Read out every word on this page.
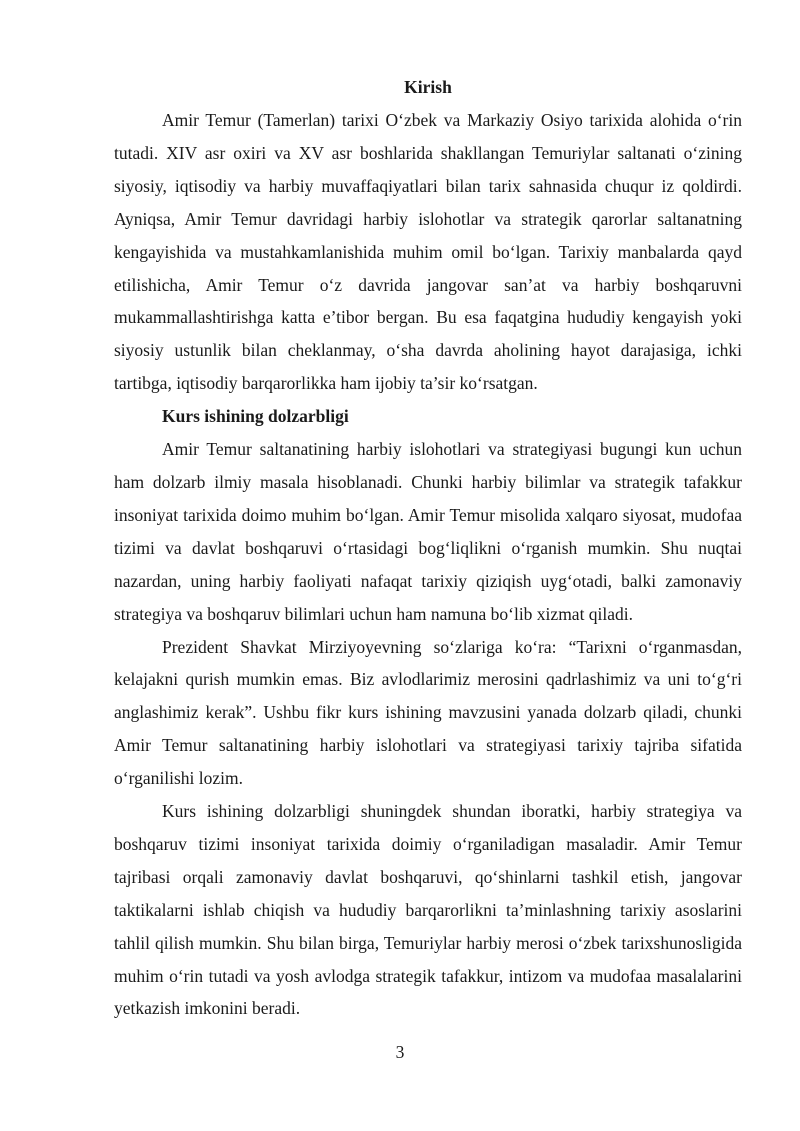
Kirish

Amir Temur (Tamerlan) tarixi O‘zbek va Markaziy Osiyo tarixida alohida o‘rin tutadi. XIV asr oxiri va XV asr boshlarida shakllangan Temuriylar saltanati o‘zining siyosiy, iqtisodiy va harbiy muvaffaqiyatlari bilan tarix sahnasida chuqur iz qoldirdi. Ayniqsa, Amir Temur davridagi harbiy islohotlar va strategik qarorlar saltanatning kengayishida va mustahkamlanishida muhim omil bo‘lgan. Tarixiy manbalarda qayd etilishicha, Amir Temur o‘z davrida jangovar san’at va harbiy boshqaruvni mukammallashtirishga katta e’tibor bergan. Bu esa faqatgina hududiy kengayish yoki siyosiy ustunlik bilan cheklanmay, o‘sha davrda aholining hayot darajasiga, ichki tartibga, iqtisodiy barqarorlikka ham ijobiy ta’sir ko‘rsatgan.

Kurs ishining dolzarbligi

Amir Temur saltanatining harbiy islohotlari va strategiyasi bugungi kun uchun ham dolzarb ilmiy masala hisoblanadi. Chunki harbiy bilimlar va strategik tafakkur insoniyat tarixida doimo muhim bo‘lgan. Amir Temur misolida xalqaro siyosat, mudofaa tizimi va davlat boshqaruvi o‘rtasidagi bog‘liqlikni o‘rganish mumkin. Shu nuqtai nazardan, uning harbiy faoliyati nafaqat tarixiy qiziqish uyg‘otadi, balki zamonaviy strategiya va boshqaruv bilimlari uchun ham namuna bo‘lib xizmat qiladi.

Prezident Shavkat Mirziyoyevning so‘zlariga ko‘ra: “Tarixni o‘rganmasdan, kelajakni qurish mumkin emas. Biz avlodlarimiz merosini qadrlashimiz va uni to‘g‘ri anglashimiz kerak”. Ushbu fikr kurs ishining mavzusini yanada dolzarb qiladi, chunki Amir Temur saltanatining harbiy islohotlari va strategiyasi tarixiy tajriba sifatida o‘rganilishi lozim.

Kurs ishining dolzarbligi shuningdek shundan iboratki, harbiy strategiya va boshqaruv tizimi insoniyat tarixida doimiy o‘rganiladigan masaladir. Amir Temur tajribasi orqali zamonaviy davlat boshqaruvi, qo‘shinlarni tashkil etish, jangovar taktikalarni ishlab chiqish va hududiy barqarorlikni ta’minlashning tarixiy asoslarini tahlil qilish mumkin. Shu bilan birga, Temuriylar harbiy merosi o‘zbek tarixshunosligida muhim o‘rin tutadi va yosh avlodga strategik tafakkur, intizom va mudofaa masalalarini yetkazish imkonini beradi.

3
